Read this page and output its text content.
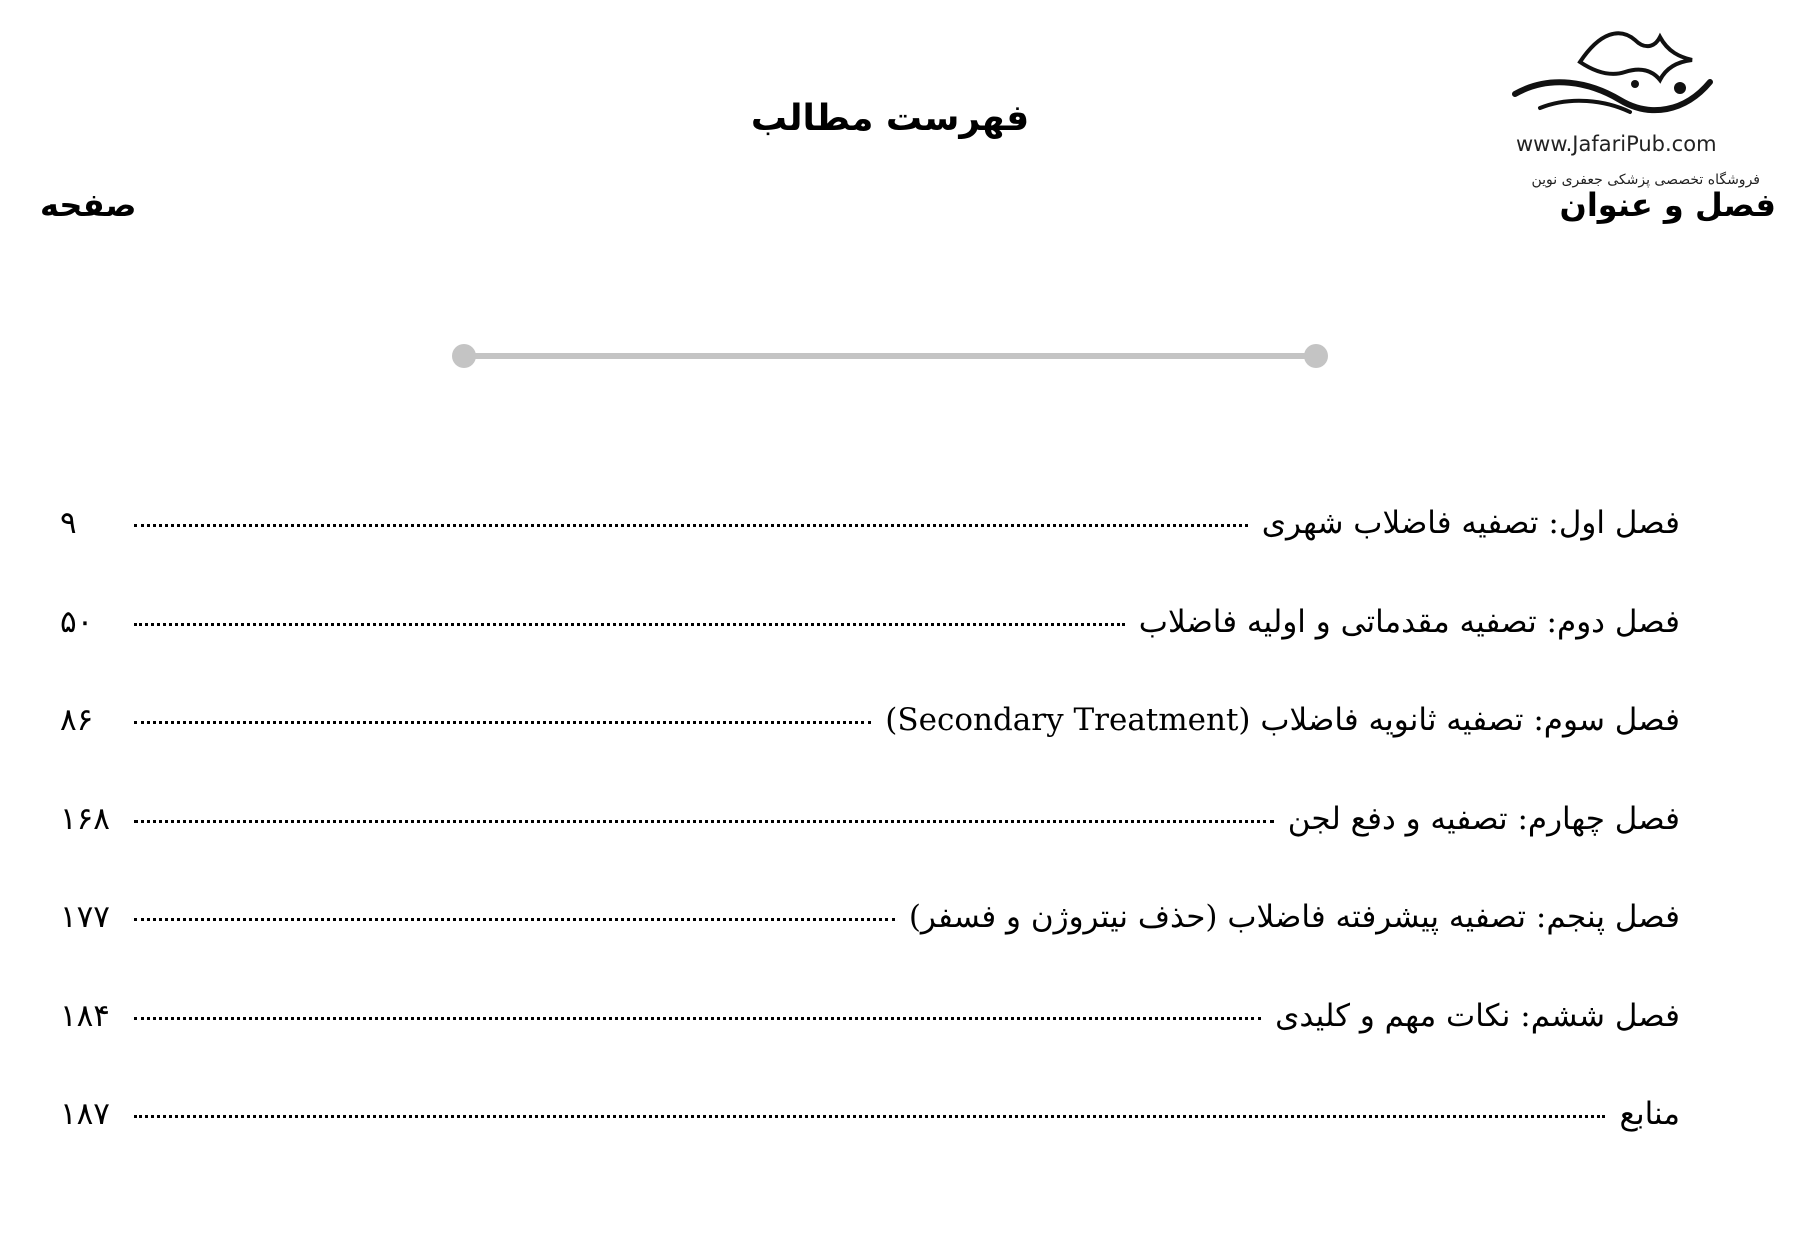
www.JafariPub.com
فروشگاه تخصصی پزشکی جعفری نوین
فهرست مطالب
فصل و عنوان
صفحه
فصل اول: تصفیه فاضلاب شهری
۹
فصل دوم: تصفیه مقدماتی و اولیه فاضلاب
۵۰
فصل سوم: تصفیه ثانویه فاضلاب (Secondary Treatment)
۸۶
فصل چهارم: تصفیه و دفع لجن
۱۶۸
فصل پنجم: تصفیه پیشرفته فاضلاب (حذف نیتروژن و فسفر)
۱۷۷
فصل ششم: نکات مهم و کلیدی
۱۸۴
منابع
۱۸۷
